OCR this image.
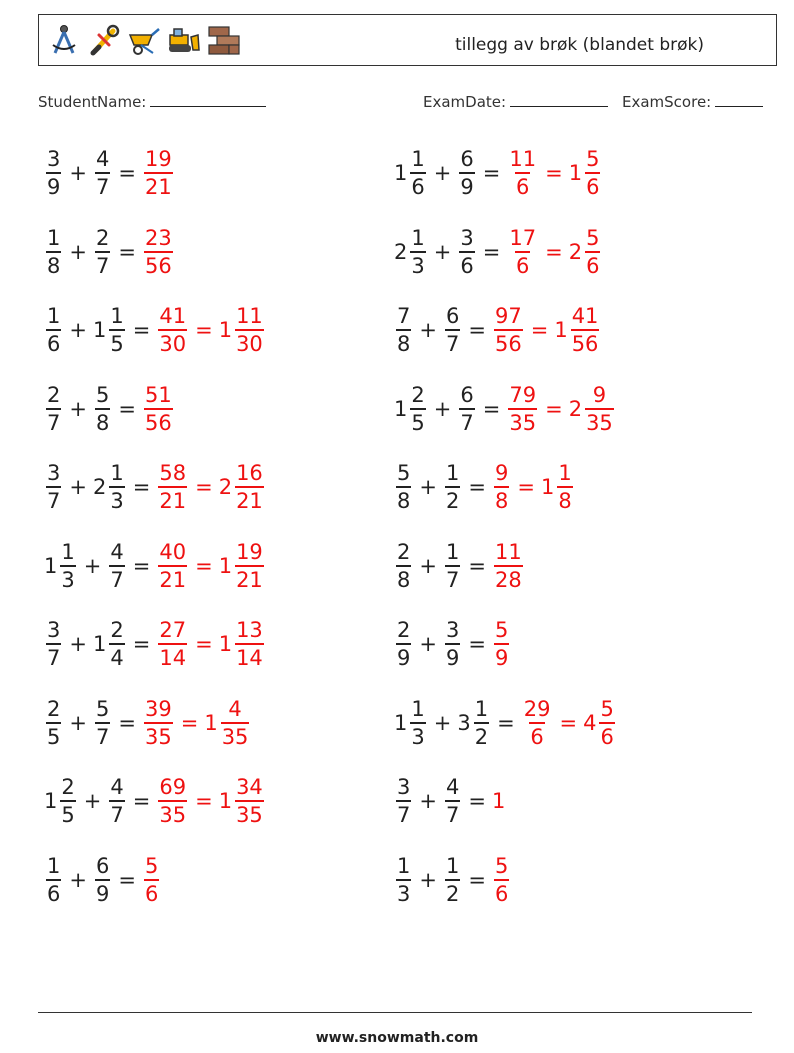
tillegg av brøk (blandet brøk)
StudentName:	ExamDate:	ExamScore:
$\frac{3}{9} + \frac{4}{7} = \frac{19}{21}$	$1 \frac{1}{6} + \frac{6}{9} = \frac{11}{6} = 1 \frac{5}{6}$
$\frac{1}{8} + \frac{2}{7} = \frac{23}{56}$	$2 \frac{1}{3} + \frac{3}{6} = \frac{17}{6} = 2 \frac{5}{6}$
$\frac{1}{6} + 1 \frac{1}{5} = \frac{41}{30} = 1 \frac{11}{30}$	$\frac{7}{8} + \frac{6}{7} = \frac{97}{56} = 1 \frac{41}{56}$
$\frac{2}{7} + \frac{5}{8} = \frac{51}{56}$	$1 \frac{2}{5} + \frac{6}{7} = \frac{79}{35} = 2 \frac{9}{35}$
$\frac{3}{7} + 2 \frac{1}{3} = \frac{58}{21} = 2 \frac{16}{21}$	$\frac{5}{8} + \frac{1}{2} = \frac{9}{8} = 1 \frac{1}{8}$
$1 \frac{1}{3} + \frac{4}{7} = \frac{40}{21} = 1 \frac{19}{21}$	$\frac{2}{8} + \frac{1}{7} = \frac{11}{28}$
$\frac{3}{7} + 1 \frac{2}{4} = \frac{27}{14} = 1 \frac{13}{14}$	$\frac{2}{9} + \frac{3}{9} = \frac{5}{9}$
$\frac{2}{5} + \frac{5}{7} = \frac{39}{35} = 1 \frac{4}{35}$	$1 \frac{1}{3} + 3 \frac{1}{2} = \frac{29}{6} = 4 \frac{5}{6}$
$1 \frac{2}{5} + \frac{4}{7} = \frac{69}{35} = 1 \frac{34}{35}$	$\frac{3}{7} + \frac{4}{7} = 1$
$\frac{1}{6} + \frac{6}{9} = \frac{5}{6}$	$\frac{1}{3} + \frac{1}{2} = \frac{5}{6}$
www.snowmath.com
